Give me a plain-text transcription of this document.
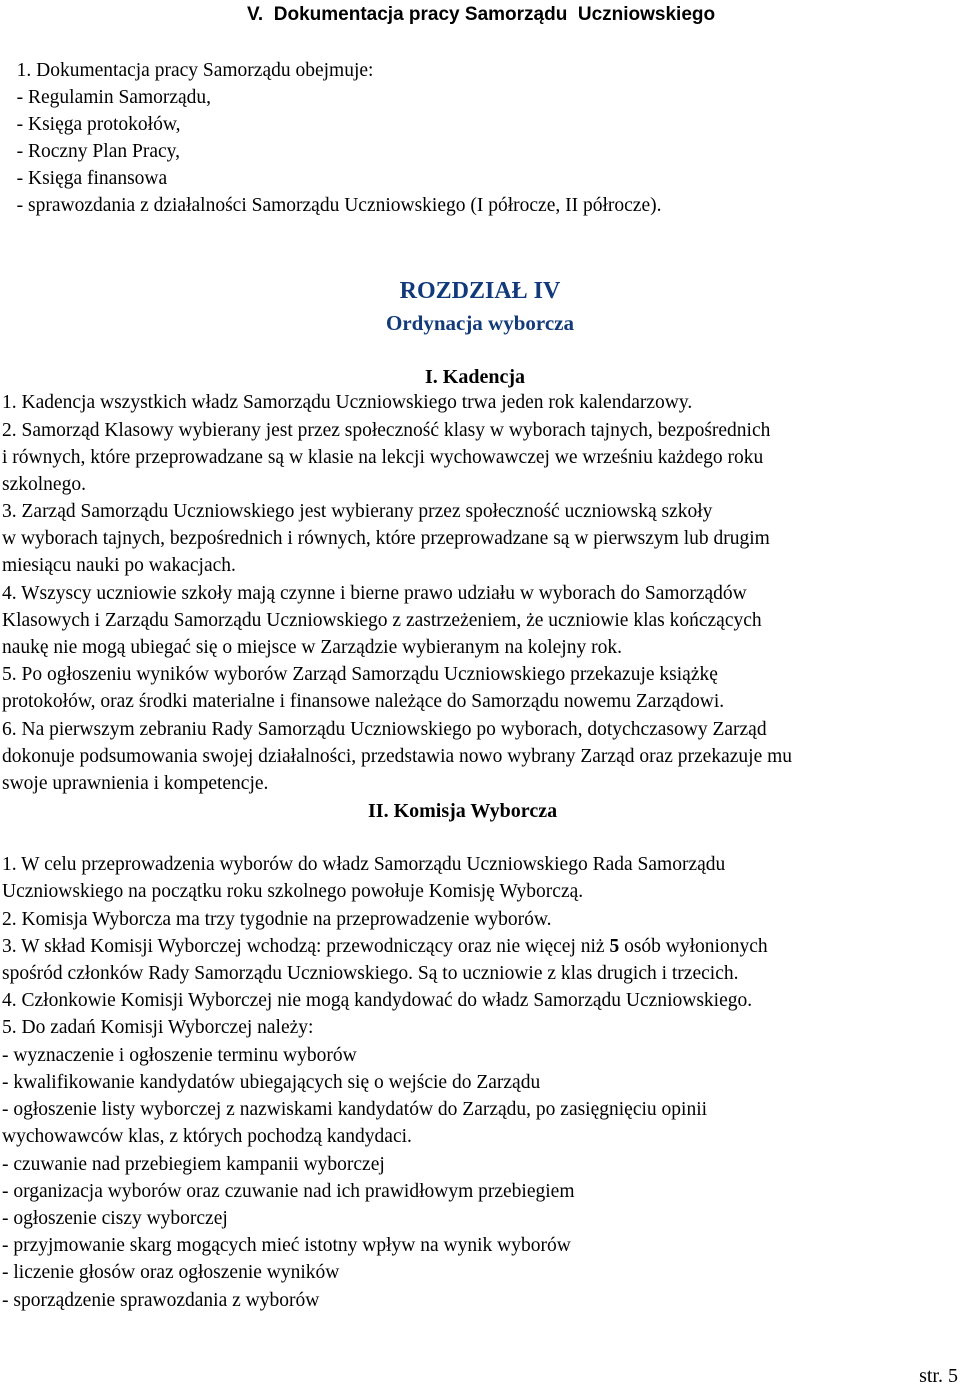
V.  Dokumentacja pracy Samorządu  Uczniowskiego
1. Dokumentacja pracy Samorządu obejmuje:
- Regulamin Samorządu,
- Księga protokołów,
- Roczny Plan Pracy,
- Księga finansowa
- sprawozdania z działalności Samorządu Uczniowskiego (I półrocze, II półrocze).
ROZDZIAŁ IV
Ordynacja wyborcza
I. Kadencja
1. Kadencja wszystkich władz Samorządu Uczniowskiego trwa jeden rok kalendarzowy.
2. Samorząd Klasowy wybierany jest przez społeczność klasy w wyborach tajnych, bezpośrednich
i równych, które przeprowadzane są w klasie na lekcji wychowawczej we wrześniu każdego roku
szkolnego.
3. Zarząd Samorządu Uczniowskiego jest wybierany przez społeczność uczniowską szkoły
w wyborach tajnych, bezpośrednich i równych, które przeprowadzane są w pierwszym lub drugim
miesiącu nauki po wakacjach.
4. Wszyscy uczniowie szkoły mają czynne i bierne prawo udziału w wyborach do Samorządów
Klasowych i Zarządu Samorządu Uczniowskiego z zastrzeżeniem, że uczniowie klas kończących
naukę nie mogą ubiegać się o miejsce w Zarządzie wybieranym na kolejny rok.
5. Po ogłoszeniu wyników wyborów Zarząd Samorządu Uczniowskiego przekazuje książkę
protokołów, oraz środki materialne i finansowe należące do Samorządu nowemu Zarządowi.
6. Na pierwszym zebraniu Rady Samorządu Uczniowskiego po wyborach, dotychczasowy Zarząd
dokonuje podsumowania swojej działalności, przedstawia nowo wybrany Zarząd oraz przekazuje mu
swoje uprawnienia i kompetencje.
II. Komisja Wyborcza
1. W celu przeprowadzenia wyborów do władz Samorządu Uczniowskiego Rada Samorządu
Uczniowskiego na początku roku szkolnego powołuje Komisję Wyborczą.
2. Komisja Wyborcza ma trzy tygodnie na przeprowadzenie wyborów.
3. W skład Komisji Wyborczej wchodzą: przewodniczący oraz nie więcej niż 5 osób wyłonionych
spośród członków Rady Samorządu Uczniowskiego. Są to uczniowie z klas drugich i trzecich.
4. Członkowie Komisji Wyborczej nie mogą kandydować do władz Samorządu Uczniowskiego.
5. Do zadań Komisji Wyborczej należy:
- wyznaczenie i ogłoszenie terminu wyborów
- kwalifikowanie kandydatów ubiegających się o wejście do Zarządu
- ogłoszenie listy wyborczej z nazwiskami kandydatów do Zarządu, po zasięgnięciu opinii
wychowawców klas, z których pochodzą kandydaci.
- czuwanie nad przebiegiem kampanii wyborczej
- organizacja wyborów oraz czuwanie nad ich prawidłowym przebiegiem
- ogłoszenie ciszy wyborczej
- przyjmowanie skarg mogących mieć istotny wpływ na wynik wyborów
- liczenie głosów oraz ogłoszenie wyników
- sporządzenie sprawozdania z wyborów
str. 5
